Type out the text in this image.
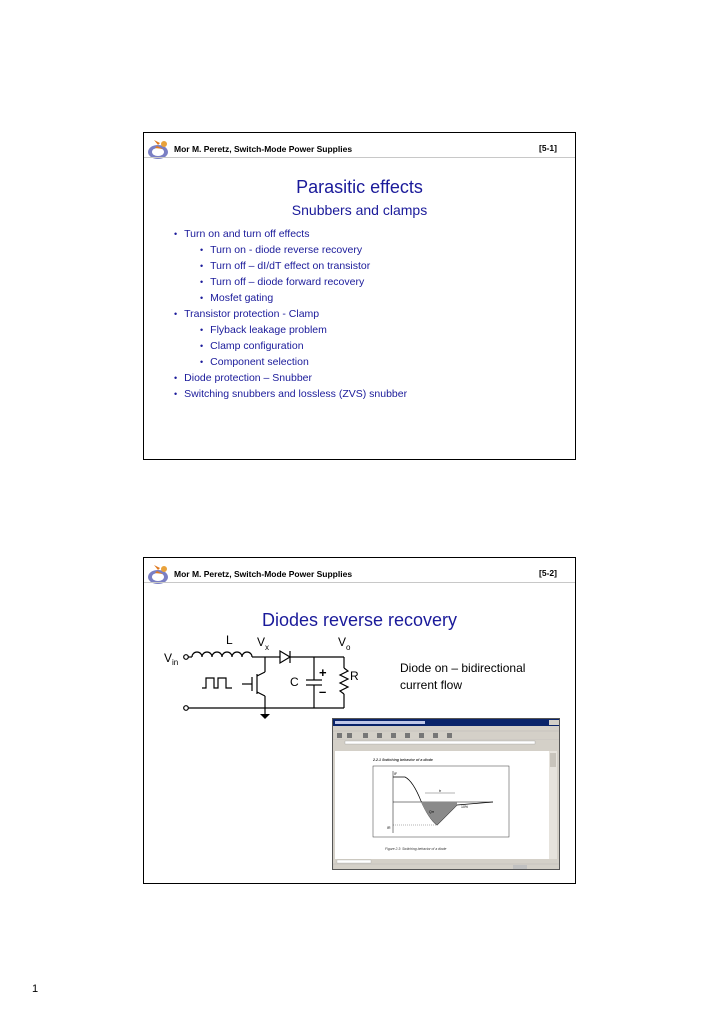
Mor M. Peretz, Switch-Mode Power Supplies	[5-1]
Parasitic effects
Snubbers and clamps
• Turn on and turn off effects
• Turn on - diode reverse recovery
• Turn off – dI/dT effect on transistor
• Turn off – diode forward recovery
• Mosfet gating
• Transistor protection - Clamp
• Flyback leakage problem
• Clamp configuration
• Component selection
• Diode protection – Snubber
• Switching snubbers and lossless (ZVS) snubber
Mor M. Peretz, Switch-Mode Power Supplies	[5-2]
Diodes reverse recovery
L V x	V o
V in
C	R
+
–
Diode on – bidirectional
current flow
2.2.1 Switching behavior of a diode
IF
tr
Qrr
10%
IR
Figure 2.3: Switching behavior of a diode
1
